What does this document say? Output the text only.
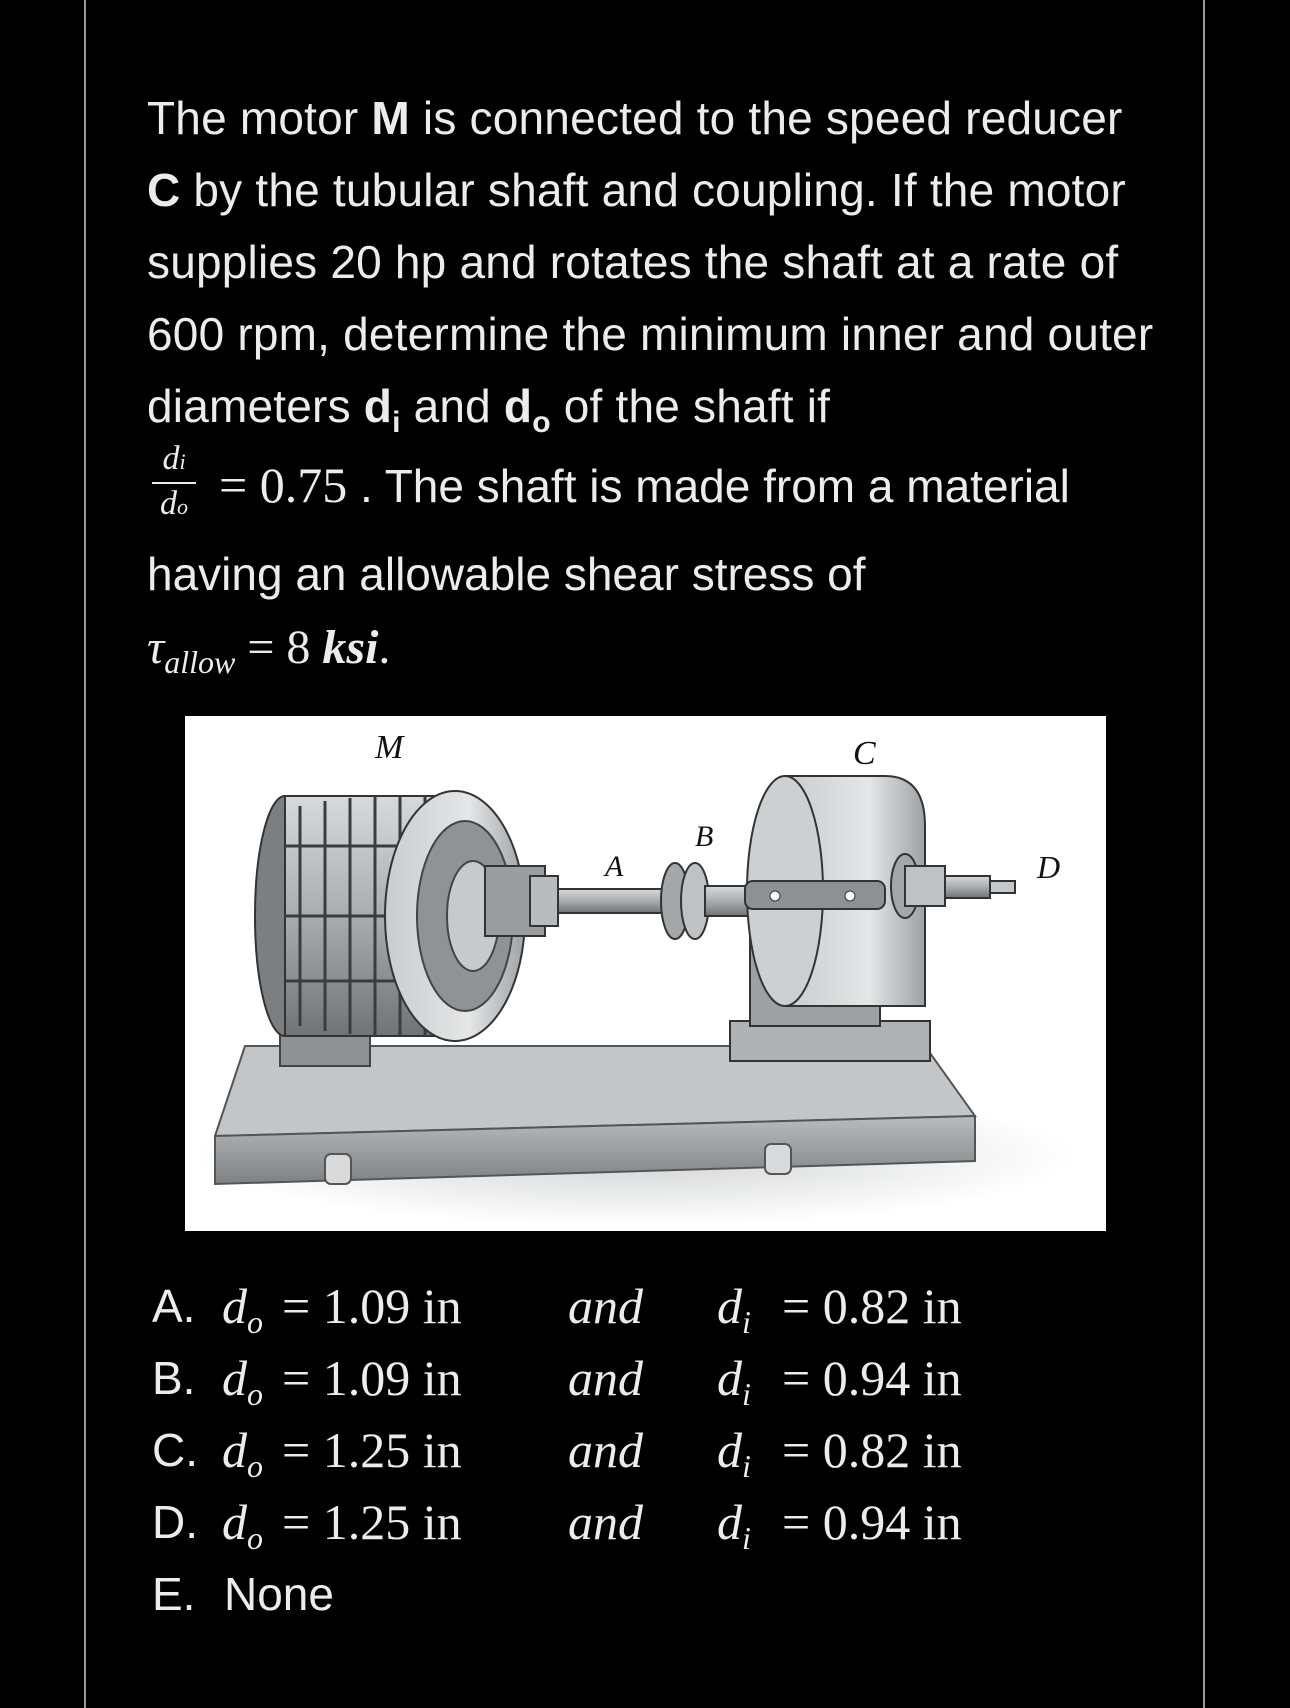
The motor M is connected to the speed reducer
C by the tubular shaft and coupling. If the motor supplies 20 hp and rotates the shaft at a rate of 600 rpm, determine the minimum inner and outer diameters $d_i$ and $d_o$ of the shaft if

$\frac{di}{do} = 0.75$ . The shaft is made from a material
having an allowable shear stress of
$\tau_{allow} = 8$ ksi.
M
A
B
C
D
A. $d_o = 1.09$ in and $d_i = 0.82$ in
B. $d_o = 1.09$ in and $d_i = 0.94$ in
C. $d_o = 1.25$ in and $d_i = 0.82$ in
D. $d_o = 1.25$ in and $d_i = 0.94$ in
E. None
